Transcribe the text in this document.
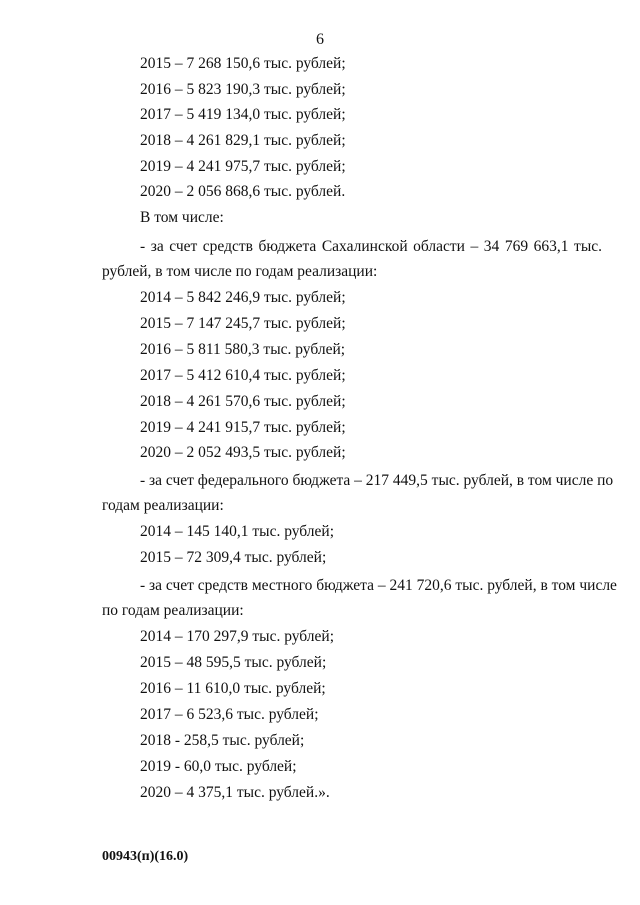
6
2015 – 7 268 150,6 тыс. рублей;
2016 – 5 823 190,3 тыс. рублей;
2017 – 5 419 134,0 тыс. рублей;
2018 – 4 261 829,1 тыс. рублей;
2019 – 4 241 975,7 тыс. рублей;
2020 – 2 056 868,6 тыс. рублей.
В том числе:
- за счет средств бюджета Сахалинской области – 34 769 663,1 тыс.
рублей, в том числе по годам реализации:
2014 – 5 842 246,9 тыс. рублей;
2015 – 7 147 245,7 тыс. рублей;
2016 – 5 811 580,3 тыс. рублей;
2017 – 5 412 610,4 тыс. рублей;
2018 – 4 261 570,6 тыс. рублей;
2019 – 4 241 915,7 тыс. рублей;
2020 – 2 052 493,5 тыс. рублей;
- за счет федерального бюджета – 217 449,5 тыс. рублей, в том числе по
годам реализации:
2014 – 145 140,1 тыс. рублей;
2015 – 72 309,4 тыс. рублей;
- за счет средств местного бюджета – 241 720,6 тыс. рублей, в том числе
по годам реализации:
2014 – 170 297,9 тыс. рублей;
2015 – 48 595,5 тыс. рублей;
2016 – 11 610,0 тыс. рублей;
2017 – 6 523,6 тыс. рублей;
2018 - 258,5 тыс. рублей;
2019 - 60,0 тыс. рублей;
2020 – 4 375,1 тыс. рублей.».
00943(п)(16.0)
